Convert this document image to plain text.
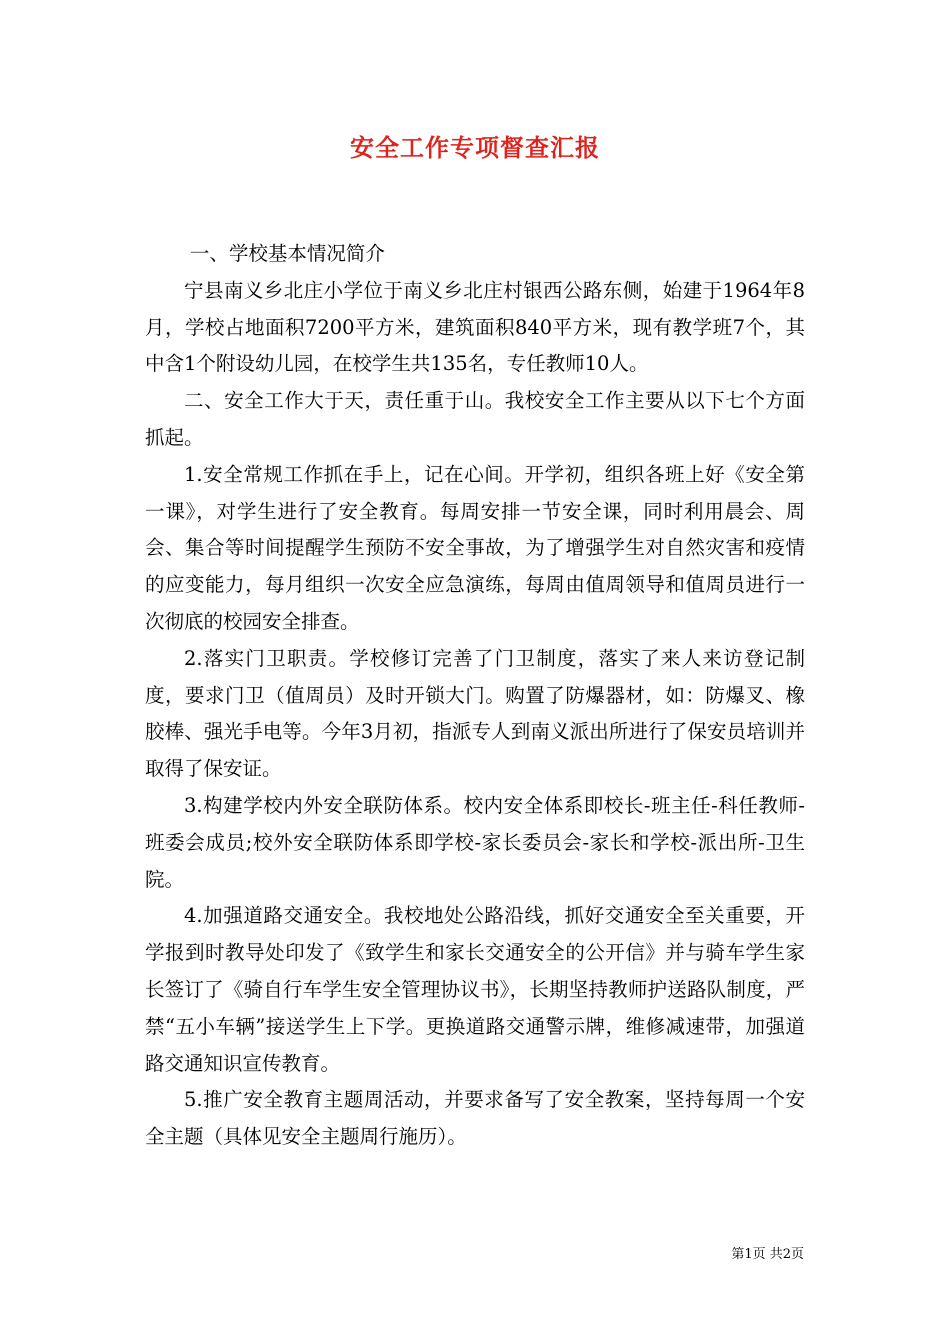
安全工作专项督查汇报

一、学校基本情况简介

宁县南义乡北庄小学位于南义乡北庄村银西公路东侧，始建于1964年8月，学校占地面积7200平方米，建筑面积840平方米，现有教学班7个，其中含1个附设幼儿园，在校学生共135名，专任教师10人。

二、安全工作大于天，责任重于山。我校安全工作主要从以下七个方面抓起。

1.安全常规工作抓在手上，记在心间。开学初，组织各班上好《安全第一课》，对学生进行了安全教育。每周安排一节安全课，同时利用晨会、周会、集合等时间提醒学生预防不安全事故，为了增强学生对自然灾害和疫情的应变能力，每月组织一次安全应急演练，每周由值周领导和值周员进行一次彻底的校园安全排查。

2.落实门卫职责。学校修订完善了门卫制度，落实了来人来访登记制度，要求门卫（值周员）及时开锁大门。购置了防爆器材，如：防爆叉、橡胶棒、强光手电等。今年3月初，指派专人到南义派出所进行了保安员培训并取得了保安证。

3.构建学校内外安全联防体系。校内安全体系即校长-班主任-科任教师-班委会成员;校外安全联防体系即学校-家长委员会-家长和学校-派出所-卫生院。

4.加强道路交通安全。我校地处公路沿线，抓好交通安全至关重要，开学报到时教导处印发了《致学生和家长交通安全的公开信》并与骑车学生家长签订了《骑自行车学生安全管理协议书》，长期坚持教师护送路队制度，严禁“五小车辆”接送学生上下学。更换道路交通警示牌，维修减速带，加强道路交通知识宣传教育。

5.推广安全教育主题周活动，并要求备写了安全教案，坚持每周一个安全主题（具体见安全主题周行施历）。

第1页 共2页
